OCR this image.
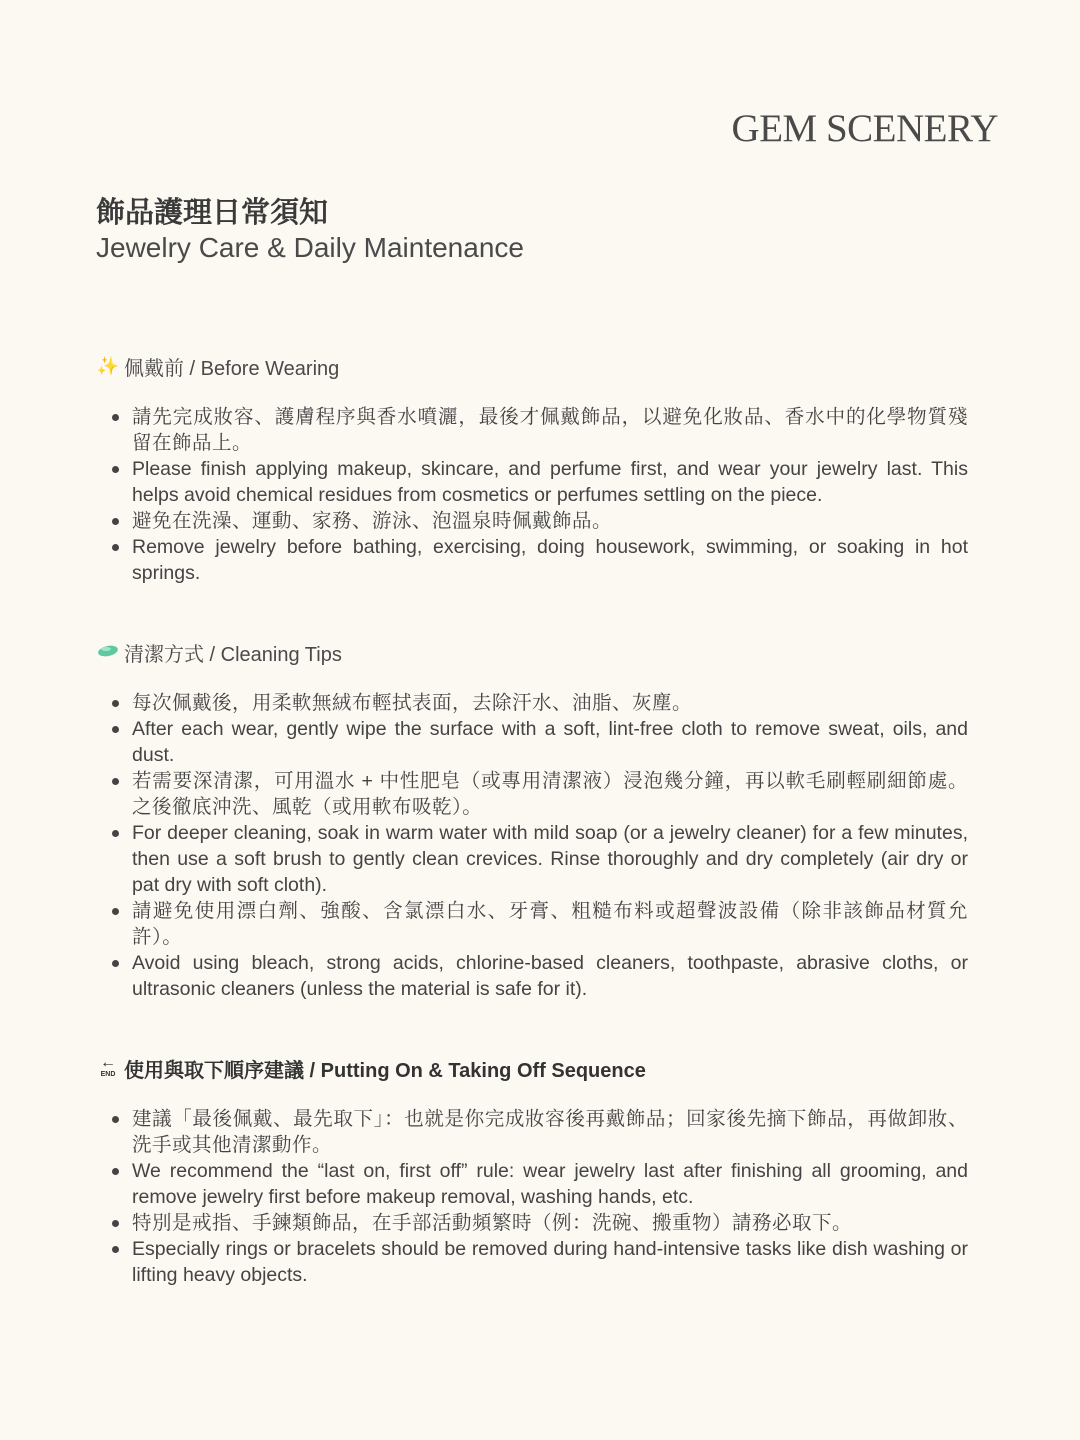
GEM SCENERY
飾品護理日常須知
Jewelry Care & Daily Maintenance
✨ 佩戴前 / Before Wearing
請先完成妝容、護膚程序與香水噴灑，最後才佩戴飾品，以避免化妝品、香水中的化學物質殘留在飾品上。
Please finish applying makeup, skincare, and perfume first, and wear your jewelry last. This helps avoid chemical residues from cosmetics or perfumes settling on the piece.
避免在洗澡、運動、家務、游泳、泡溫泉時佩戴飾品。
Remove jewelry before bathing, exercising, doing housework, swimming, or soaking in hot springs.
清潔方式 / Cleaning Tips
每次佩戴後，用柔軟無絨布輕拭表面，去除汗水、油脂、灰塵。
After each wear, gently wipe the surface with a soft, lint-free cloth to remove sweat, oils, and dust.
若需要深清潔，可用溫水 + 中性肥皂（或專用清潔液）浸泡幾分鐘，再以軟毛刷輕刷細節處。之後徹底沖洗、風乾（或用軟布吸乾）。
For deeper cleaning, soak in warm water with mild soap (or a jewelry cleaner) for a few minutes, then use a soft brush to gently clean crevices. Rinse thoroughly and dry completely (air dry or pat dry with soft cloth).
請避免使用漂白劑、強酸、含氯漂白水、牙膏、粗糙布料或超聲波設備（除非該飾品材質允許）。
Avoid using bleach, strong acids, chlorine-based cleaners, toothpaste, abrasive cloths, or ultrasonic cleaners (unless the material is safe for it).
←
END 使用與取下順序建議 / Putting On & Taking Off Sequence
建議「最後佩戴、最先取下」：也就是你完成妝容後再戴飾品；回家後先摘下飾品，再做卸妝、洗手或其他清潔動作。
We recommend the “last on, first off” rule: wear jewelry last after finishing all grooming, and remove jewelry first before makeup removal, washing hands, etc.
特別是戒指、手鍊類飾品，在手部活動頻繁時（例：洗碗、搬重物）請務必取下。
Especially rings or bracelets should be removed during hand-intensive tasks like dish washing or lifting heavy objects.
